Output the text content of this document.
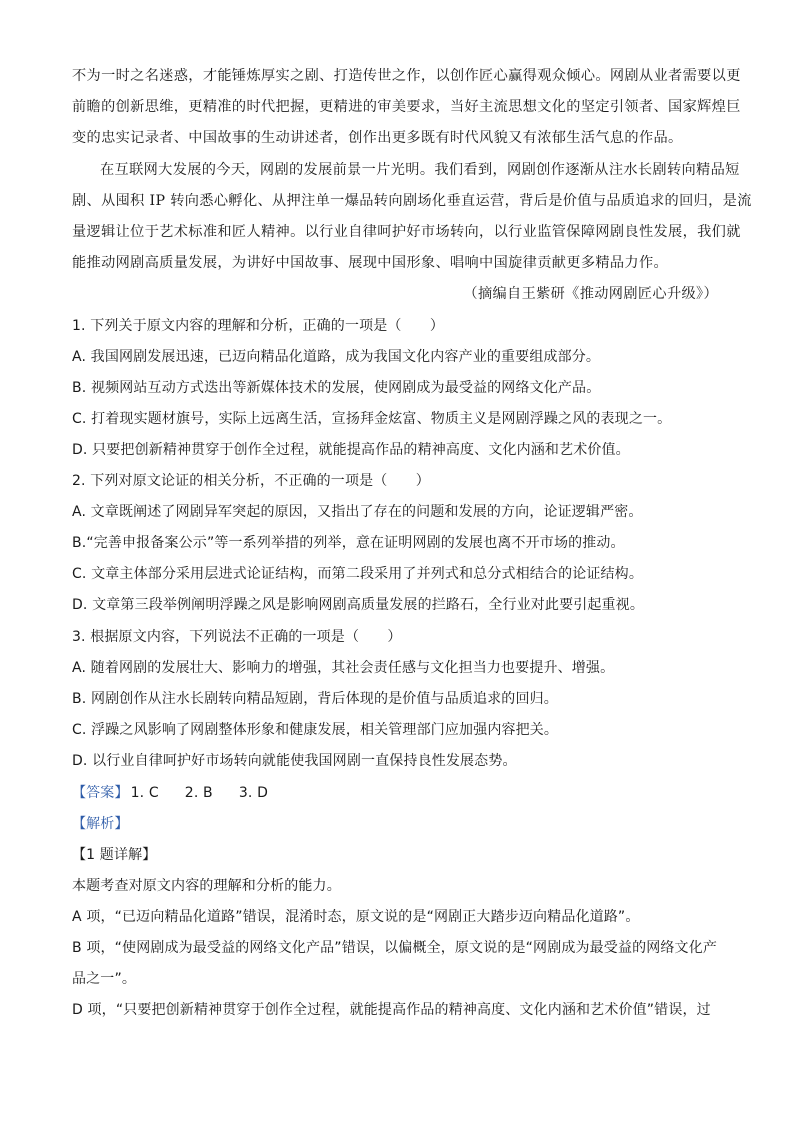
不为一时之名迷惑，才能锤炼厚实之剧、打造传世之作，以创作匠心赢得观众倾心。网剧从业者需要以更
前瞻的创新思维，更精准的时代把握，更精进的审美要求，当好主流思想文化的坚定引领者、国家辉煌巨
变的忠实记录者、中国故事的生动讲述者，创作出更多既有时代风貌又有浓郁生活气息的作品。
在互联网大发展的今天，网剧的发展前景一片光明。我们看到，网剧创作逐渐从注水长剧转向精品短
剧、从囤积 IP 转向悉心孵化、从押注单一爆品转向剧场化垂直运营，背后是价值与品质追求的回归，是流
量逻辑让位于艺术标准和匠人精神。以行业自律呵护好市场转向，以行业监管保障网剧良性发展，我们就
能推动网剧高质量发展，为讲好中国故事、展现中国形象、唱响中国旋律贡献更多精品力作。
（摘编自王紫研《推动网剧匠心升级》）
1. 下列关于原文内容的理解和分析，正确的一项是（　　）
A. 我国网剧发展迅速，已迈向精品化道路，成为我国文化内容产业的重要组成部分。
B. 视频网站互动方式迭出等新媒体技术的发展，使网剧成为最受益的网络文化产品。
C. 打着现实题材旗号，实际上远离生活，宣扬拜金炫富、物质主义是网剧浮躁之风的表现之一。
D. 只要把创新精神贯穿于创作全过程，就能提高作品的精神高度、文化内涵和艺术价值。
2. 下列对原文论证的相关分析，不正确的一项是（　　）
A. 文章既阐述了网剧异军突起的原因，又指出了存在的问题和发展的方向，论证逻辑严密。
B.“完善申报备案公示”等一系列举措的列举，意在证明网剧的发展也离不开市场的推动。
C. 文章主体部分采用层进式论证结构，而第二段采用了并列式和总分式相结合的论证结构。
D. 文章第三段举例阐明浮躁之风是影响网剧高质量发展的拦路石，全行业对此要引起重视。
3. 根据原文内容，下列说法不正确的一项是（　　）
A. 随着网剧的发展壮大、影响力的增强，其社会责任感与文化担当力也要提升、增强。
B. 网剧创作从注水长剧转向精品短剧，背后体现的是价值与品质追求的回归。
C. 浮躁之风影响了网剧整体形象和健康发展，相关管理部门应加强内容把关。
D. 以行业自律呵护好市场转向就能使我国网剧一直保持良性发展态势。
【答案】 1. C 2. B 3. D
【解析】
【1 题详解】
本题考查对原文内容的理解和分析的能力。
A 项，“已迈向精品化道路”错误，混淆时态，原文说的是“网剧正大踏步迈向精品化道路”。
B 项，“使网剧成为最受益的网络文化产品”错误，以偏概全，原文说的是“网剧成为最受益的网络文化产
品之一”。
D 项，“只要把创新精神贯穿于创作全过程，就能提高作品的精神高度、文化内涵和艺术价值”错误，过
